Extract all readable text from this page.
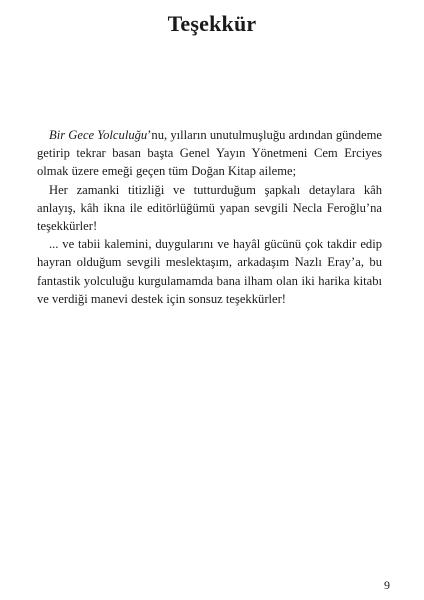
Teşekkür

Bir Gece Yolculuğu’nu, yılların unutulmuşluğu ardından gündeme getirip tekrar basan başta Genel Yayın Yönetmeni Cem Erciyes olmak üzere emeği geçen tüm Doğan Kitap aileme;

Her zamanki titizliği ve tutturduğum şapkalı detaylara kâh anlayış, kâh ikna ile editörlüğümü yapan sevgili Necla Feroğlu’na teşekkürler!

... ve tabii kalemini, duygularını ve hayâl gücünü çok takdir edip hayran olduğum sevgili meslektaşım, arkadaşım Nazlı Eray’a, bu fantastik yolculuğu kurgulamamda bana ilham olan iki harika kitabı ve verdiği manevi destek için sonsuz teşekkürler!

9
